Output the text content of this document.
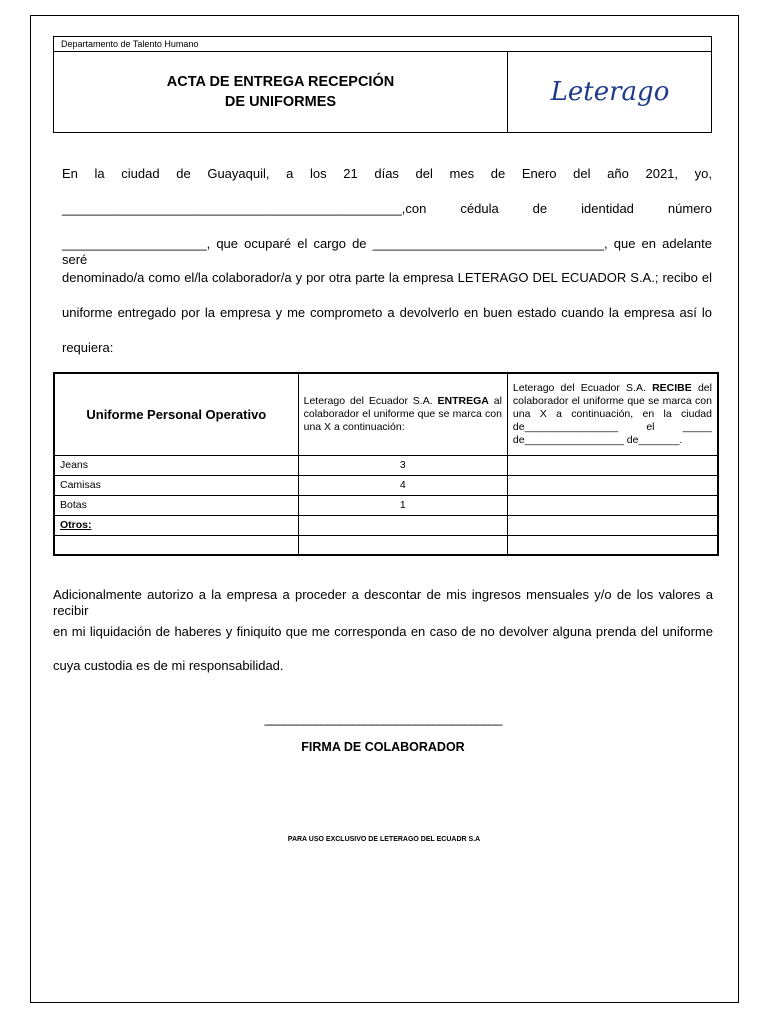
Departamento de Talento Humano
ACTA DE ENTREGA RECEPCIÓN
DE UNIFORMES	Leterago
En la ciudad de Guayaquil, a los 21 días del mes de Enero del año 2021, yo,
_______________________________________________,con cédula de identidad número
____________________, que ocuparé el cargo de ________________________________, que en adelante seré
denominado/a como el/la colaborador/a y por otra parte la empresa LETERAGO DEL ECUADOR S.A.; recibo el
uniforme entregado por la empresa y me comprometo a devolverlo en buen estado cuando la empresa así lo
requiera:
Uniforme Personal Operativo	Leterago del Ecuador S.A. ENTREGA al colaborador el uniforme que se marca con una X a continuación:	Leterago del Ecuador S.A. RECIBE del colaborador el uniforme que se marca con una X a continuación, en la ciudad de________________ el _____ de_________________ de_______.
Jeans	3	
Camisas	4	
Botas	1	
Otros:		

Adicionalmente autorizo a la empresa a proceder a descontar de mis ingresos mensuales y/o de los valores a recibir
en mi liquidación de haberes y finiquito que me corresponda en caso de no devolver alguna prenda del uniforme
cuya custodia es de mi responsabilidad.
______________________________________
FIRMA DE COLABORADOR
PARA USO EXCLUSIVO DE LETERAGO DEL ECUADR S.A
